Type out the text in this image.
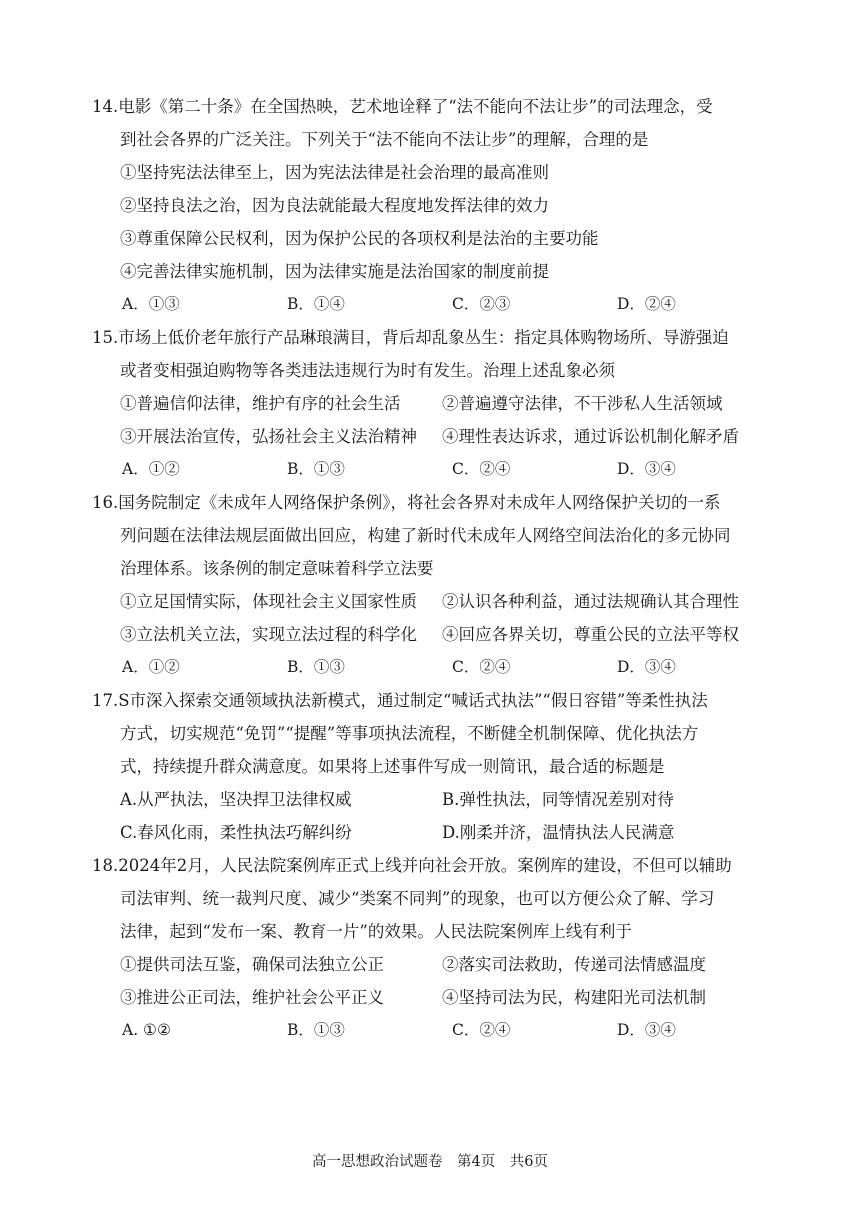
14.电影《第二十条》在全国热映，艺术地诠释了“法不能向不法让步”的司法理念，受

到社会各界的广泛关注。下列关于“法不能向不法让步”的理解，合理的是

①坚持宪法法律至上，因为宪法法律是社会治理的最高准则

②坚持良法之治，因为良法就能最大程度地发挥法律的效力

③尊重保障公民权利，因为保护公民的各项权利是法治的主要功能

④完善法律实施机制，因为法律实施是法治国家的制度前提

A．①③	B．①④	C．②③	D．②④

15.市场上低价老年旅行产品琳琅满目，背后却乱象丛生：指定具体购物场所、导游强迫

或者变相强迫购物等各类违法违规行为时有发生。治理上述乱象必须

①普遍信仰法律，维护有序的社会生活	②普遍遵守法律，不干涉私人生活领域
③开展法治宣传，弘扬社会主义法治精神	④理性表达诉求，通过诉讼机制化解矛盾
A．①②	B．①③	C．②④	D．③④

16.国务院制定《未成年人网络保护条例》，将社会各界对未成年人网络保护关切的一系

列问题在法律法规层面做出回应，构建了新时代未成年人网络空间法治化的多元协同

治理体系。该条例的制定意味着科学立法要

①立足国情实际，体现社会主义国家性质	②认识各种利益，通过法规确认其合理性
③立法机关立法，实现立法过程的科学化	④回应各界关切，尊重公民的立法平等权
A．①②	B．①③	C．②④	D．③④

17.S市深入探索交通领域执法新模式，通过制定“喊话式执法”“假日容错”等柔性执法

方式，切实规范“免罚”“提醒”等事项执法流程，不断健全机制保障、优化执法方

式，持续提升群众满意度。如果将上述事件写成一则简讯，最合适的标题是

A.从严执法，坚决捍卫法律权威	B.弹性执法，同等情况差别对待
C.春风化雨，柔性执法巧解纠纷	D.刚柔并济，温情执法人民满意

18.2024年2月，人民法院案例库正式上线并向社会开放。案例库的建设，不但可以辅助

司法审判、统一裁判尺度、减少“类案不同判”的现象，也可以方便公众了解、学习

法律，起到“发布一案、教育一片”的效果。人民法院案例库上线有利于

①提供司法互鉴，确保司法独立公正	②落实司法救助，传递司法情感温度
③推进公正司法，维护社会公平正义	④坚持司法为民，构建阳光司法机制
A. ①②	B．①③	C．②④	D．③④
高一思想政治试题卷　第4页　共6页
